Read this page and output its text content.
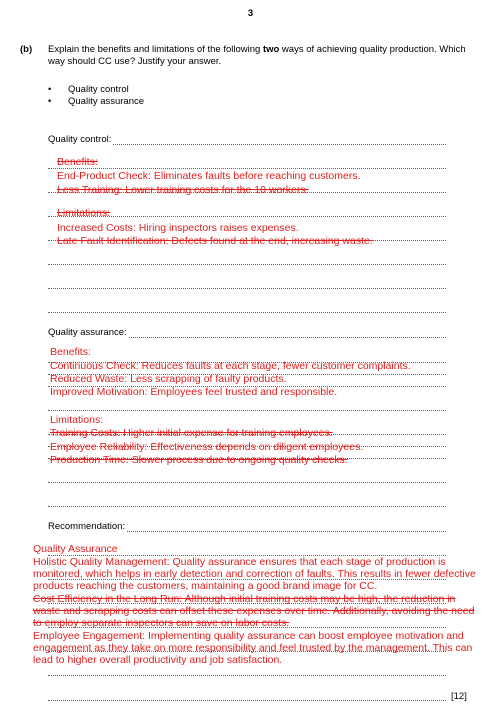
3
(b) Explain the benefits and limitations of the following two ways of achieving quality production. Which way should CC use? Justify your answer.
• Quality control
• Quality assurance
Quality control:
Benefits:
End-Product Check: Eliminates faults before reaching customers.
Less Training: Lower training costs for the 10 workers.
Limitations:
Increased Costs: Hiring inspectors raises expenses.
Late Fault Identification: Defects found at the end, increasing waste.
Quality assurance:
Benefits:
Continuous Check: Reduces faults at each stage, fewer customer complaints.
Reduced Waste: Less scrapping of faulty products.
Improved Motivation: Employees feel trusted and responsible.
Limitations:
Training Costs: Higher initial expense for training employees.
Employee Reliability: Effectiveness depends on diligent employees.
Production Time: Slower process due to ongoing quality checks.
Recommendation:
Quality Assurance
Holistic Quality Management: Quality assurance ensures that each stage of production is monitored, which helps in early detection and correction of faults. This results in fewer defective products reaching the customers, maintaining a good brand image for CC.
Cost Efficiency in the Long Run: Although initial training costs may be high, the reduction in waste and scrapping costs can offset these expenses over time. Additionally, avoiding the need to employ separate inspectors can save on labor costs.
Employee Engagement: Implementing quality assurance can boost employee motivation and engagement as they take on more responsibility and feel trusted by the management. This can lead to higher overall productivity and job satisfaction.
[12]
